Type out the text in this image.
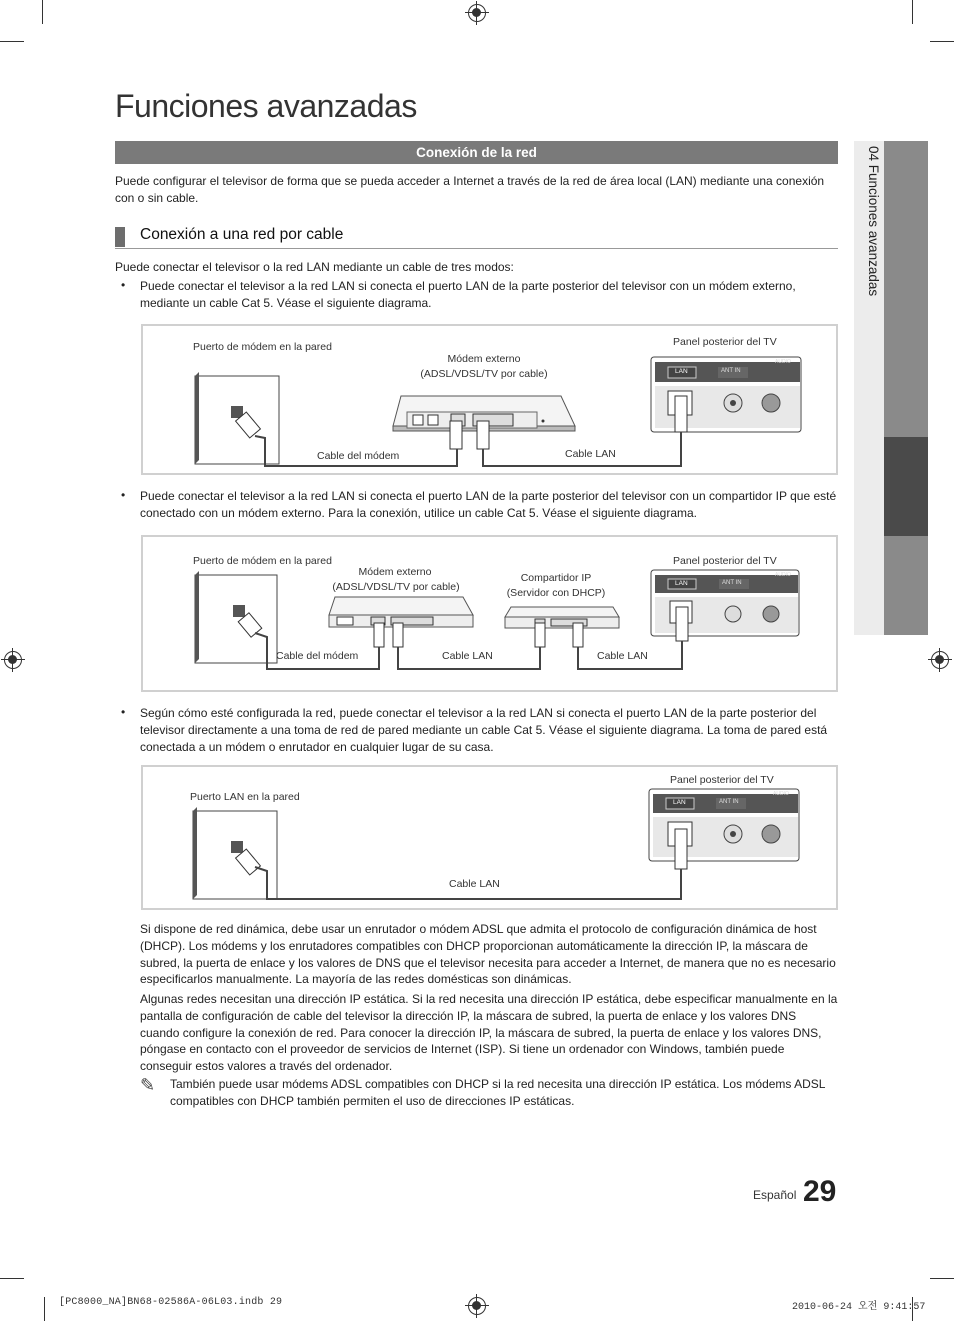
04 Funciones avanzadas
Funciones avanzadas
Conexión de la red
Puede configurar el televisor de forma que se pueda acceder a Internet a través de la red de área local (LAN) mediante una conexión con o sin cable.
Conexión a una red por cable
Puede conectar el televisor o la red LAN mediante un cable de tres modos:
• Puede conectar el televisor a la red LAN si conecta el puerto LAN de la parte posterior del televisor con un módem externo, mediante un cable Cat 5. Véase el siguiente diagrama.
Puerto de módem en la pared
Módem externo
(ADSL/VDSL/TV por cable)
Panel posterior del TV
LAN	ANT IN
AUDIO
Cable del módem	Cable LAN
• Puede conectar el televisor a la red LAN si conecta el puerto LAN de la parte posterior del televisor con un compartidor IP que esté conectado con un módem externo. Para la conexión, utilice un cable Cat 5. Véase el siguiente diagrama.
Puerto de módem en la pared
Módem externo
(ADSL/VDSL/TV por cable)
Compartidor IP
(Servidor con DHCP)
Panel posterior del TV
LAN	ANT IN
AUDIO
Cable del módem	Cable LAN	Cable LAN
• Según cómo esté configurada la red, puede conectar el televisor a la red LAN si conecta el puerto LAN de la parte posterior del televisor directamente a una toma de red de pared mediante un cable Cat 5. Véase el siguiente diagrama. La toma de pared está conectada a un módem o enrutador en cualquier lugar de su casa.
Puerto LAN en la pared
Panel posterior del TV
LAN	ANT IN
AUDIO
Cable LAN
Si dispone de red dinámica, debe usar un enrutador o módem ADSL que admita el protocolo de configuración dinámica de host (DHCP). Los módems y los enrutadores compatibles con DHCP proporcionan automáticamente la dirección IP, la máscara de subred, la puerta de enlace y los valores de DNS que el televisor necesita para acceder a Internet, de manera que no es necesario especificarlos manualmente. La mayoría de las redes domésticas son dinámicas.
Algunas redes necesitan una dirección IP estática. Si la red necesita una dirección IP estática, debe especificar manualmente en la pantalla de configuración de cable del televisor la dirección IP, la máscara de subred, la puerta de enlace y los valores DNS cuando configure la conexión de red. Para conocer la dirección IP, la máscara de subred, la puerta de enlace y los valores DNS, póngase en contacto con el proveedor de servicios de Internet (ISP). Si tiene un ordenador con Windows, también puede conseguir estos valores a través del ordenador.
✎ También puede usar módems ADSL compatibles con DHCP si la red necesita una dirección IP estática. Los módems ADSL compatibles con DHCP también permiten el uso de direcciones IP estáticas.
Español 29
[PC8000_NA]BN68-02586A-06L03.indb 29	2010-06-24 오전 9:41:57
